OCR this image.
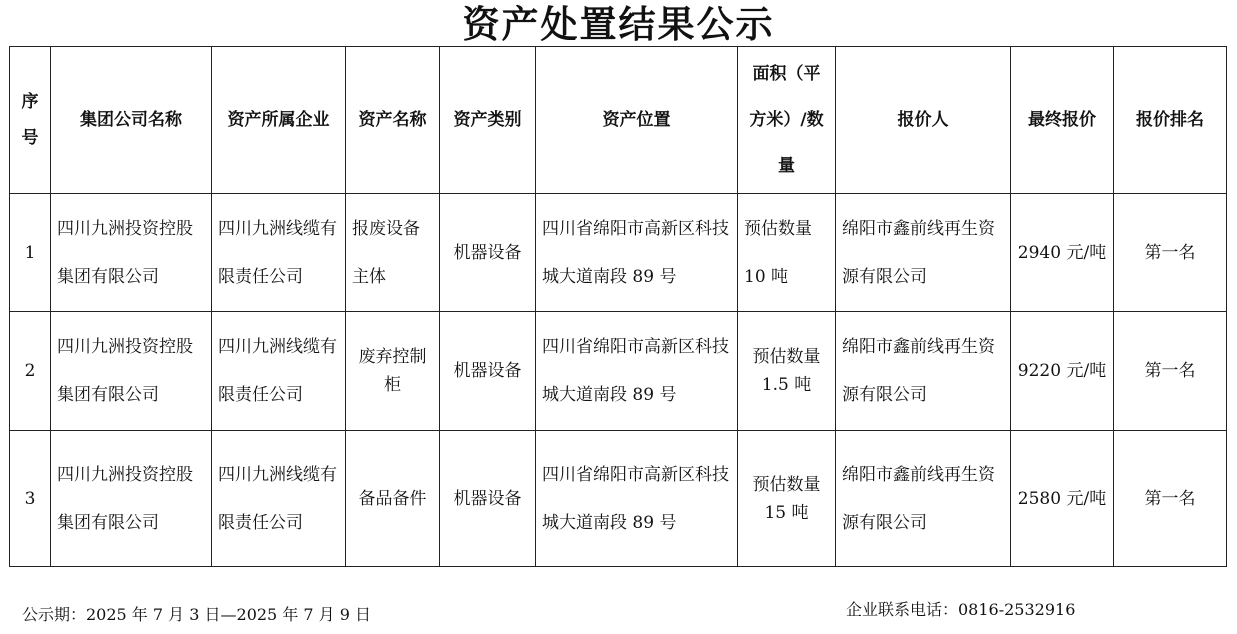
资产处置结果公示
序号	集团公司名称	资产所属企业	资产名称	资产类别	资产位置	面积（平方米）/数量	报价人	最终报价	报价排名
1	四川九洲投资控股集团有限公司	四川九洲线缆有限责任公司	报废设备主体	机器设备	四川省绵阳市高新区科技城大道南段 89 号	预估数量 10 吨	绵阳市鑫前线再生资源有限公司	2940 元/吨	第一名
2	四川九洲投资控股集团有限公司	四川九洲线缆有限责任公司	废弃控制柜	机器设备	四川省绵阳市高新区科技城大道南段 89 号	预估数量 1.5 吨	绵阳市鑫前线再生资源有限公司	9220 元/吨	第一名
3	四川九洲投资控股集团有限公司	四川九洲线缆有限责任公司	备品备件	机器设备	四川省绵阳市高新区科技城大道南段 89 号	预估数量 15 吨	绵阳市鑫前线再生资源有限公司	2580 元/吨	第一名
公示期：2025 年 7 月 3 日—2025 年 7 月 9 日	企业联系电话：0816-2532916
